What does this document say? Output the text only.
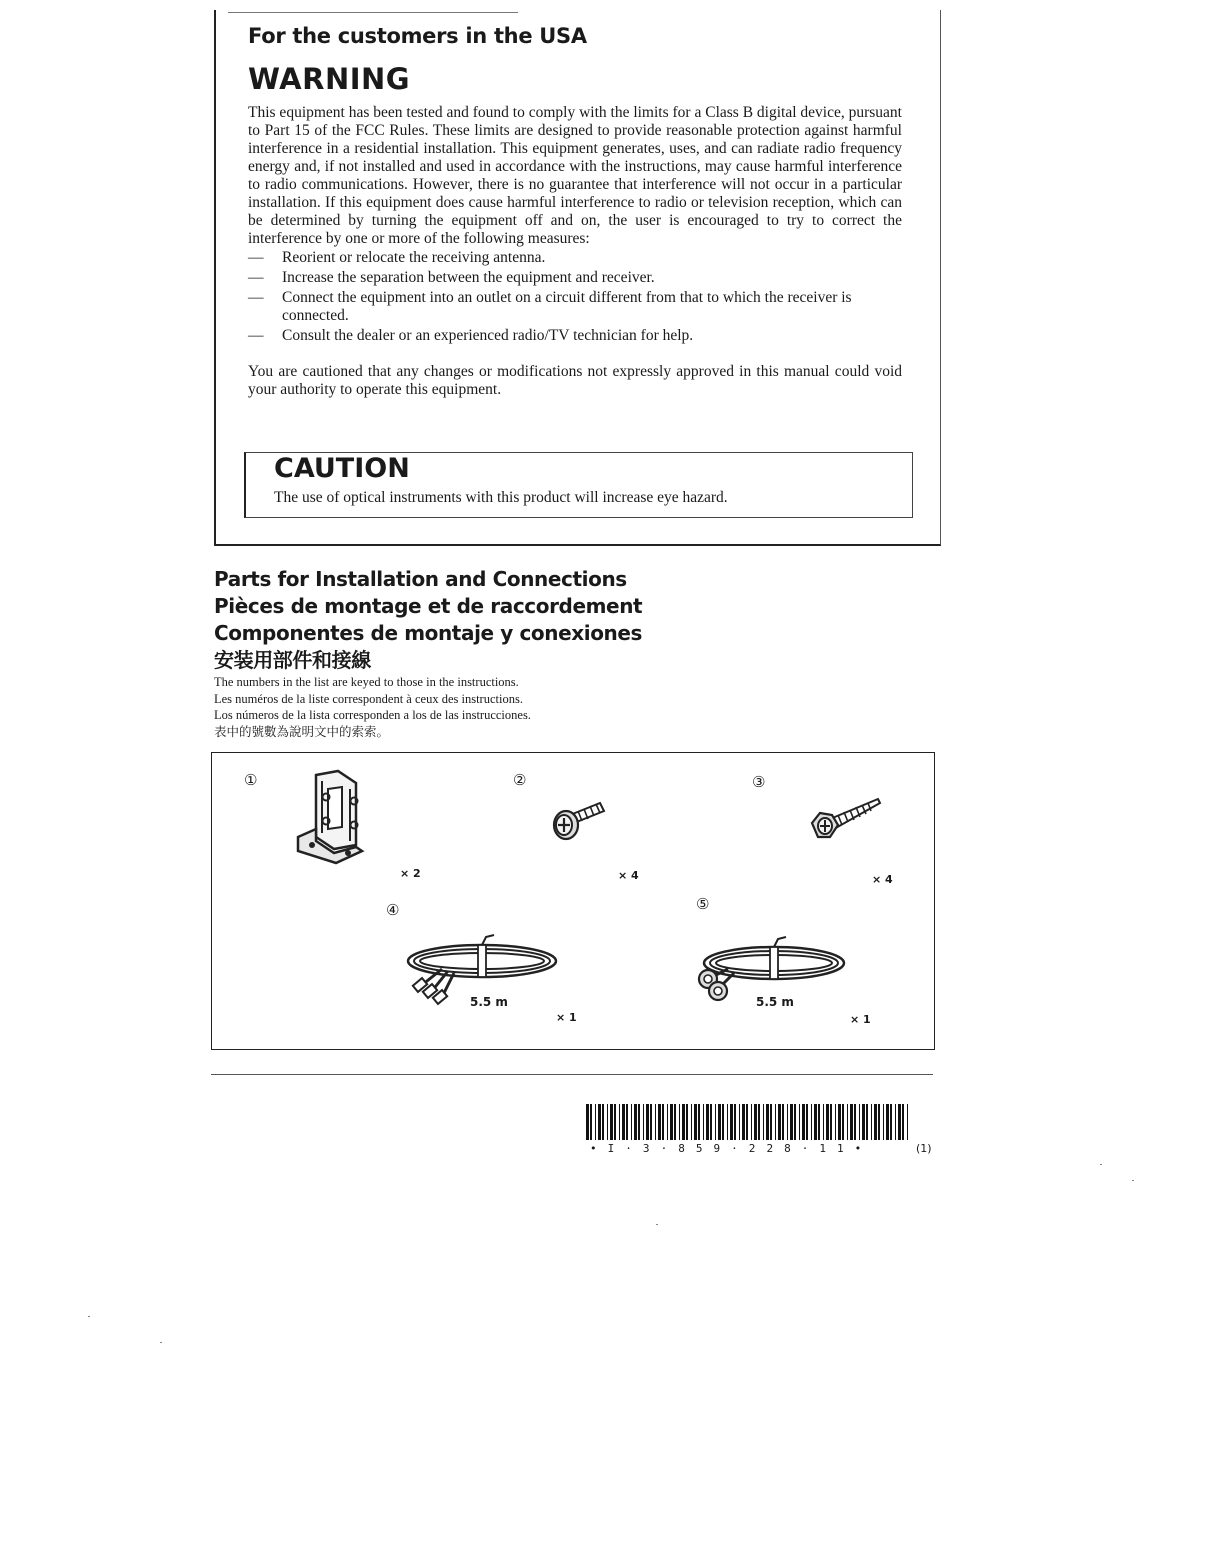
For the customers in the USA
WARNING

This equipment has been tested and found to comply with the limits for a Class B digital device, pursuant to Part 15 of the FCC Rules. These limits are designed to provide reasonable protection against harmful interference in a residential installation. This equipment generates, uses, and can radiate radio frequency energy and, if not installed and used in accordance with the instructions, may cause harmful interference to radio communications. However, there is no guarantee that interference will not occur in a particular installation. If this equipment does cause harmful interference to radio or television reception, which can be determined by turning the equipment off and on, the user is encouraged to try to correct the interference by one or more of the following measures:

— Reorient or relocate the receiving antenna.
— Increase the separation between the equipment and receiver.
— Connect the equipment into an outlet on a circuit different from that to which the receiver is connected.
— Consult the dealer or an experienced radio/TV technician for help.

You are cautioned that any changes or modifications not expressly approved in this manual could void your authority to operate this equipment.

CAUTION
The use of optical instruments with this product will increase eye hazard.
Parts for Installation and Connections
Pièces de montage et de raccordement
Componentes de montaje y conexiones
安装用部件和接線
The numbers in the list are keyed to those in the instructions.
Les numéros de la liste correspondent à ceux des instructions.
Los números de la lista corresponden a los de las instrucciones.
表中的號數為說明文中的索索。
①
× 2
②
× 4
③
× 4
④
5.5 m
× 1
⑤
5.5 m
× 1
• I · 3 · 8 5 9 · 2 2 8 · 1 1 •	(1)
